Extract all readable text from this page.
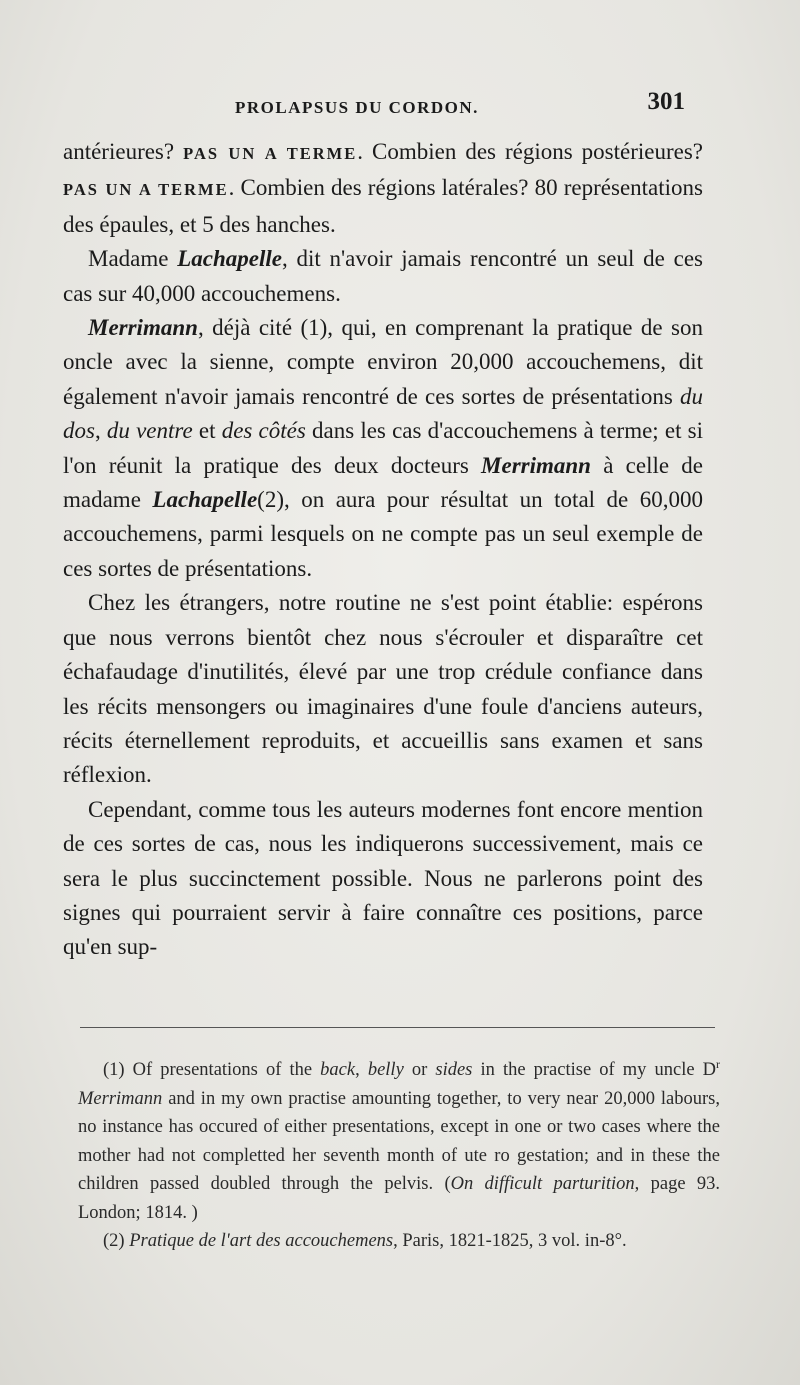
PROLAPSUS DU CORDON.	301

antérieures? PAS UN A TERME. Combien des régions postérieures? PAS UN A TERME. Combien des régions latérales? 80 représentations des épaules, et 5 des hanches.

Madame Lachapelle, dit n'avoir jamais rencontré un seul de ces cas sur 40,000 accouchemens.

Merrimann, déjà cité (1), qui, en comprenant la pratique de son oncle avec la sienne, compte environ 20,000 accouchemens, dit également n'avoir jamais rencontré de ces sortes de présentations du dos, du ventre et des côtés dans les cas d'accouchemens à terme; et si l'on réunit la pratique des deux docteurs Merrimann à celle de madame Lachapelle(2), on aura pour résultat un total de 60,000 accouchemens, parmi lesquels on ne compte pas un seul exemple de ces sortes de présentations.

Chez les étrangers, notre routine ne s'est point établie: espérons que nous verrons bientôt chez nous s'écrouler et disparaître cet échafaudage d'inutilités, élevé par une trop crédule confiance dans les récits mensongers ou imaginaires d'une foule d'anciens auteurs, récits éternellement reproduits, et accueillis sans examen et sans réflexion.

Cependant, comme tous les auteurs modernes font encore mention de ces sortes de cas, nous les indiquerons successivement, mais ce sera le plus succinctement possible. Nous ne parlerons point des signes qui pourraient servir à faire connaître ces positions, parce qu'en sup-

(1) Of presentations of the back, belly or sides in the practise of my uncle $D^r$ Merrimann and in my own practise amounting together, to very near 20,000 labours, no instance has occured of either presentations, except in one or two cases where the mother had not completted her seventh month of ute ro gestation; and in these the children passed doubled through the pelvis. (On difficult parturition, page 93. London; 1814. )

(2) Pratique de l'art des accouchemens, Paris, 1821-1825, 3 vol. in-8°.
